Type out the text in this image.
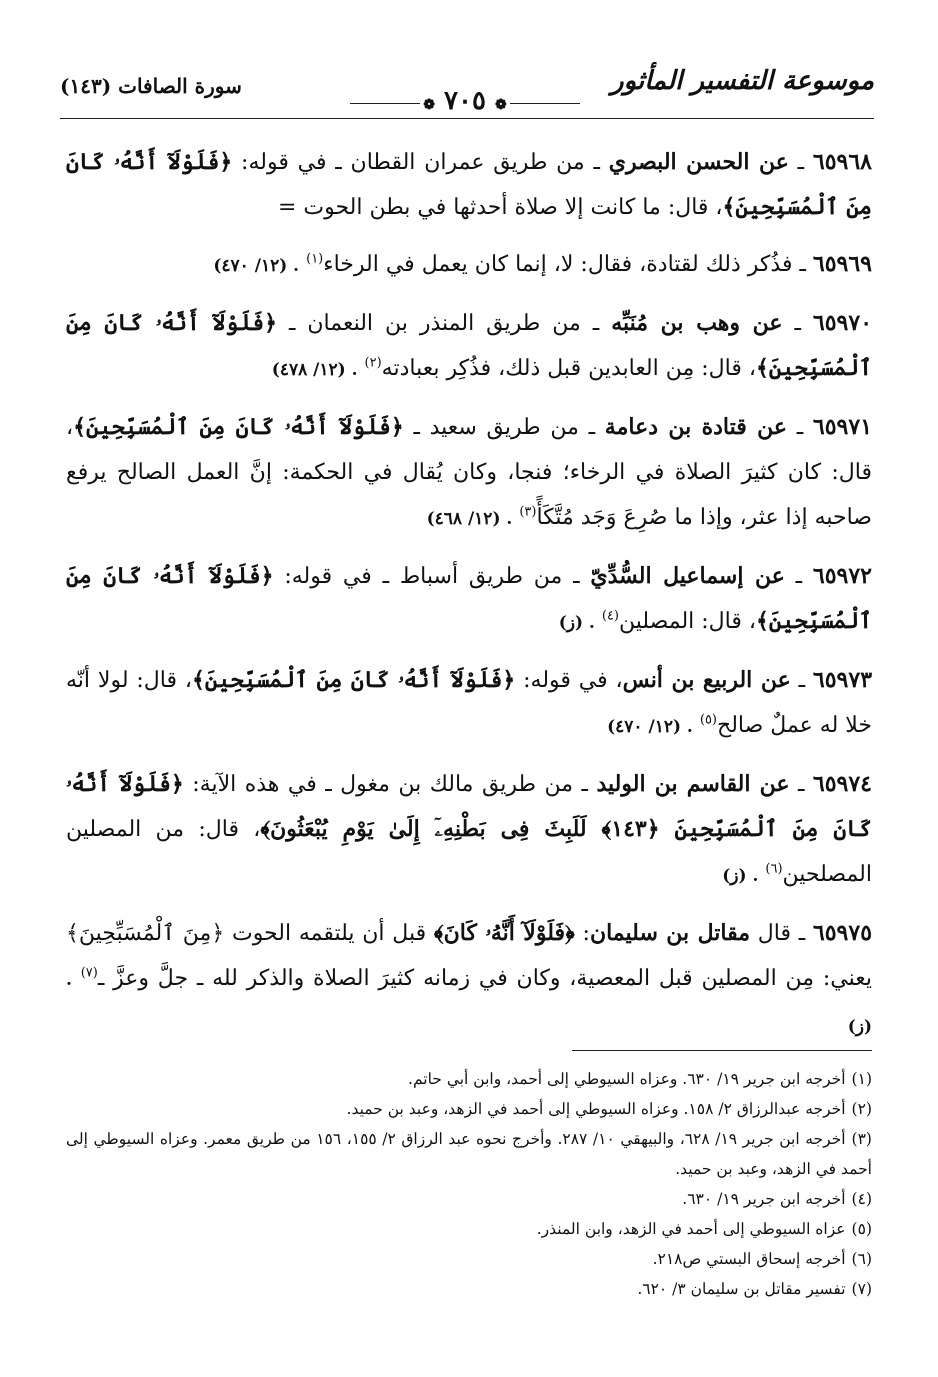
موسوعة التفسير المأثور
❁ ٧٠٥ ❁
سورة الصافات (١٤٣)

٦٥٩٦٨ ـ عن الحسن البصري ـ من طريق عمران القطان ـ في قوله: ﴿فَلَوْلَآ أَنَّهُۥ كَانَ مِنَ ٱلْمُسَبِّحِينَ﴾، قال: ما كانت إلا صلاة أحدثها في بطن الحوت =

٦٥٩٦٩ ـ فذُكر ذلك لقتادة، فقال: لا، إنما كان يعمل في الرخاء$^{(١)}$ . (١٢/ ٤٧٠)

٦٥٩٧٠ ـ عن وهب بن مُنَبِّه ـ من طريق المنذر بن النعمان ـ ﴿فَلَوْلَآ أَنَّهُۥ كَانَ مِنَ ٱلْمُسَبِّحِينَ﴾، قال: مِن العابدين قبل ذلك، فذُكِر بعبادته$^{(٢)}$ . (١٢/ ٤٧٨)

٦٥٩٧١ ـ عن قتادة بن دعامة ـ من طريق سعيد ـ ﴿فَلَوْلَآ أَنَّهُۥ كَانَ مِنَ ٱلْمُسَبِّحِينَ﴾، قال: كان كثيرَ الصلاة في الرخاء؛ فنجا، وكان يُقال في الحكمة: إنَّ العمل الصالح يرفع صاحبه إذا عثر، وإذا ما صُرِعَ وَجَد مُتَّكَأً$^{(٣)}$ . (١٢/ ٤٦٨)

٦٥٩٧٢ ـ عن إسماعيل السُّدِّيّ ـ من طريق أسباط ـ في قوله: ﴿فَلَوْلَآ أَنَّهُۥ كَانَ مِنَ ٱلْمُسَبِّحِينَ﴾، قال: المصلين$^{(٤)}$ . (ز)

٦٥٩٧٣ ـ عن الربيع بن أنس، في قوله: ﴿فَلَوْلَآ أَنَّهُۥ كَانَ مِنَ ٱلْمُسَبِّحِينَ﴾، قال: لولا أنّه خلا له عملٌ صالح$^{(٥)}$ . (١٢/ ٤٧٠)

٦٥٩٧٤ ـ عن القاسم بن الوليد ـ من طريق مالك بن مغول ـ في هذه الآية: ﴿فَلَوْلَآ أَنَّهُۥ كَانَ مِنَ ٱلْمُسَبِّحِينَ ﴿١٤٣﴾ لَلَبِثَ فِى بَطْنِهِۦٓ إِلَىٰ يَوْمِ يُبْعَثُونَ﴾، قال: من المصلين المصلحين$^{(٦)}$ . (ز)

٦٥٩٧٥ ـ قال مقاتل بن سليمان: ﴿فَلَوْلَآ أَنَّهُۥ كَانَ﴾ قبل أن يلتقمه الحوت ﴿مِنَ ٱلْمُسَبِّحِينَ﴾ يعني: مِن المصلين قبل المعصية، وكان في زمانه كثيرَ الصلاة والذكر لله ـ جلَّ وعزَّ ـ$^{(٧)}$ . (ز)

(١)أخرجه ابن جرير ١٩/ ٦٣٠. وعزاه السيوطي إلى أحمد، وابن أبي حاتم.

(٢)أخرجه عبدالرزاق ٢/ ١٥٨. وعزاه السيوطي إلى أحمد في الزهد، وعبد بن حميد.

(٣)أخرجه ابن جرير ١٩/ ٦٢٨، والبيهقي ١٠/ ٢٨٧. وأخرج نحوه عبد الرزاق ٢/ ١٥٥، ١٥٦ من طريق معمر. وعزاه السيوطي إلى أحمد في الزهد، وعبد بن حميد.

(٤)أخرجه ابن جرير ١٩/ ٦٣٠.

(٥)عزاه السيوطي إلى أحمد في الزهد، وابن المنذر.

(٦)أخرجه إسحاق البستي ص٢١٨.

(٧)تفسير مقاتل بن سليمان ٣/ ٦٢٠.
